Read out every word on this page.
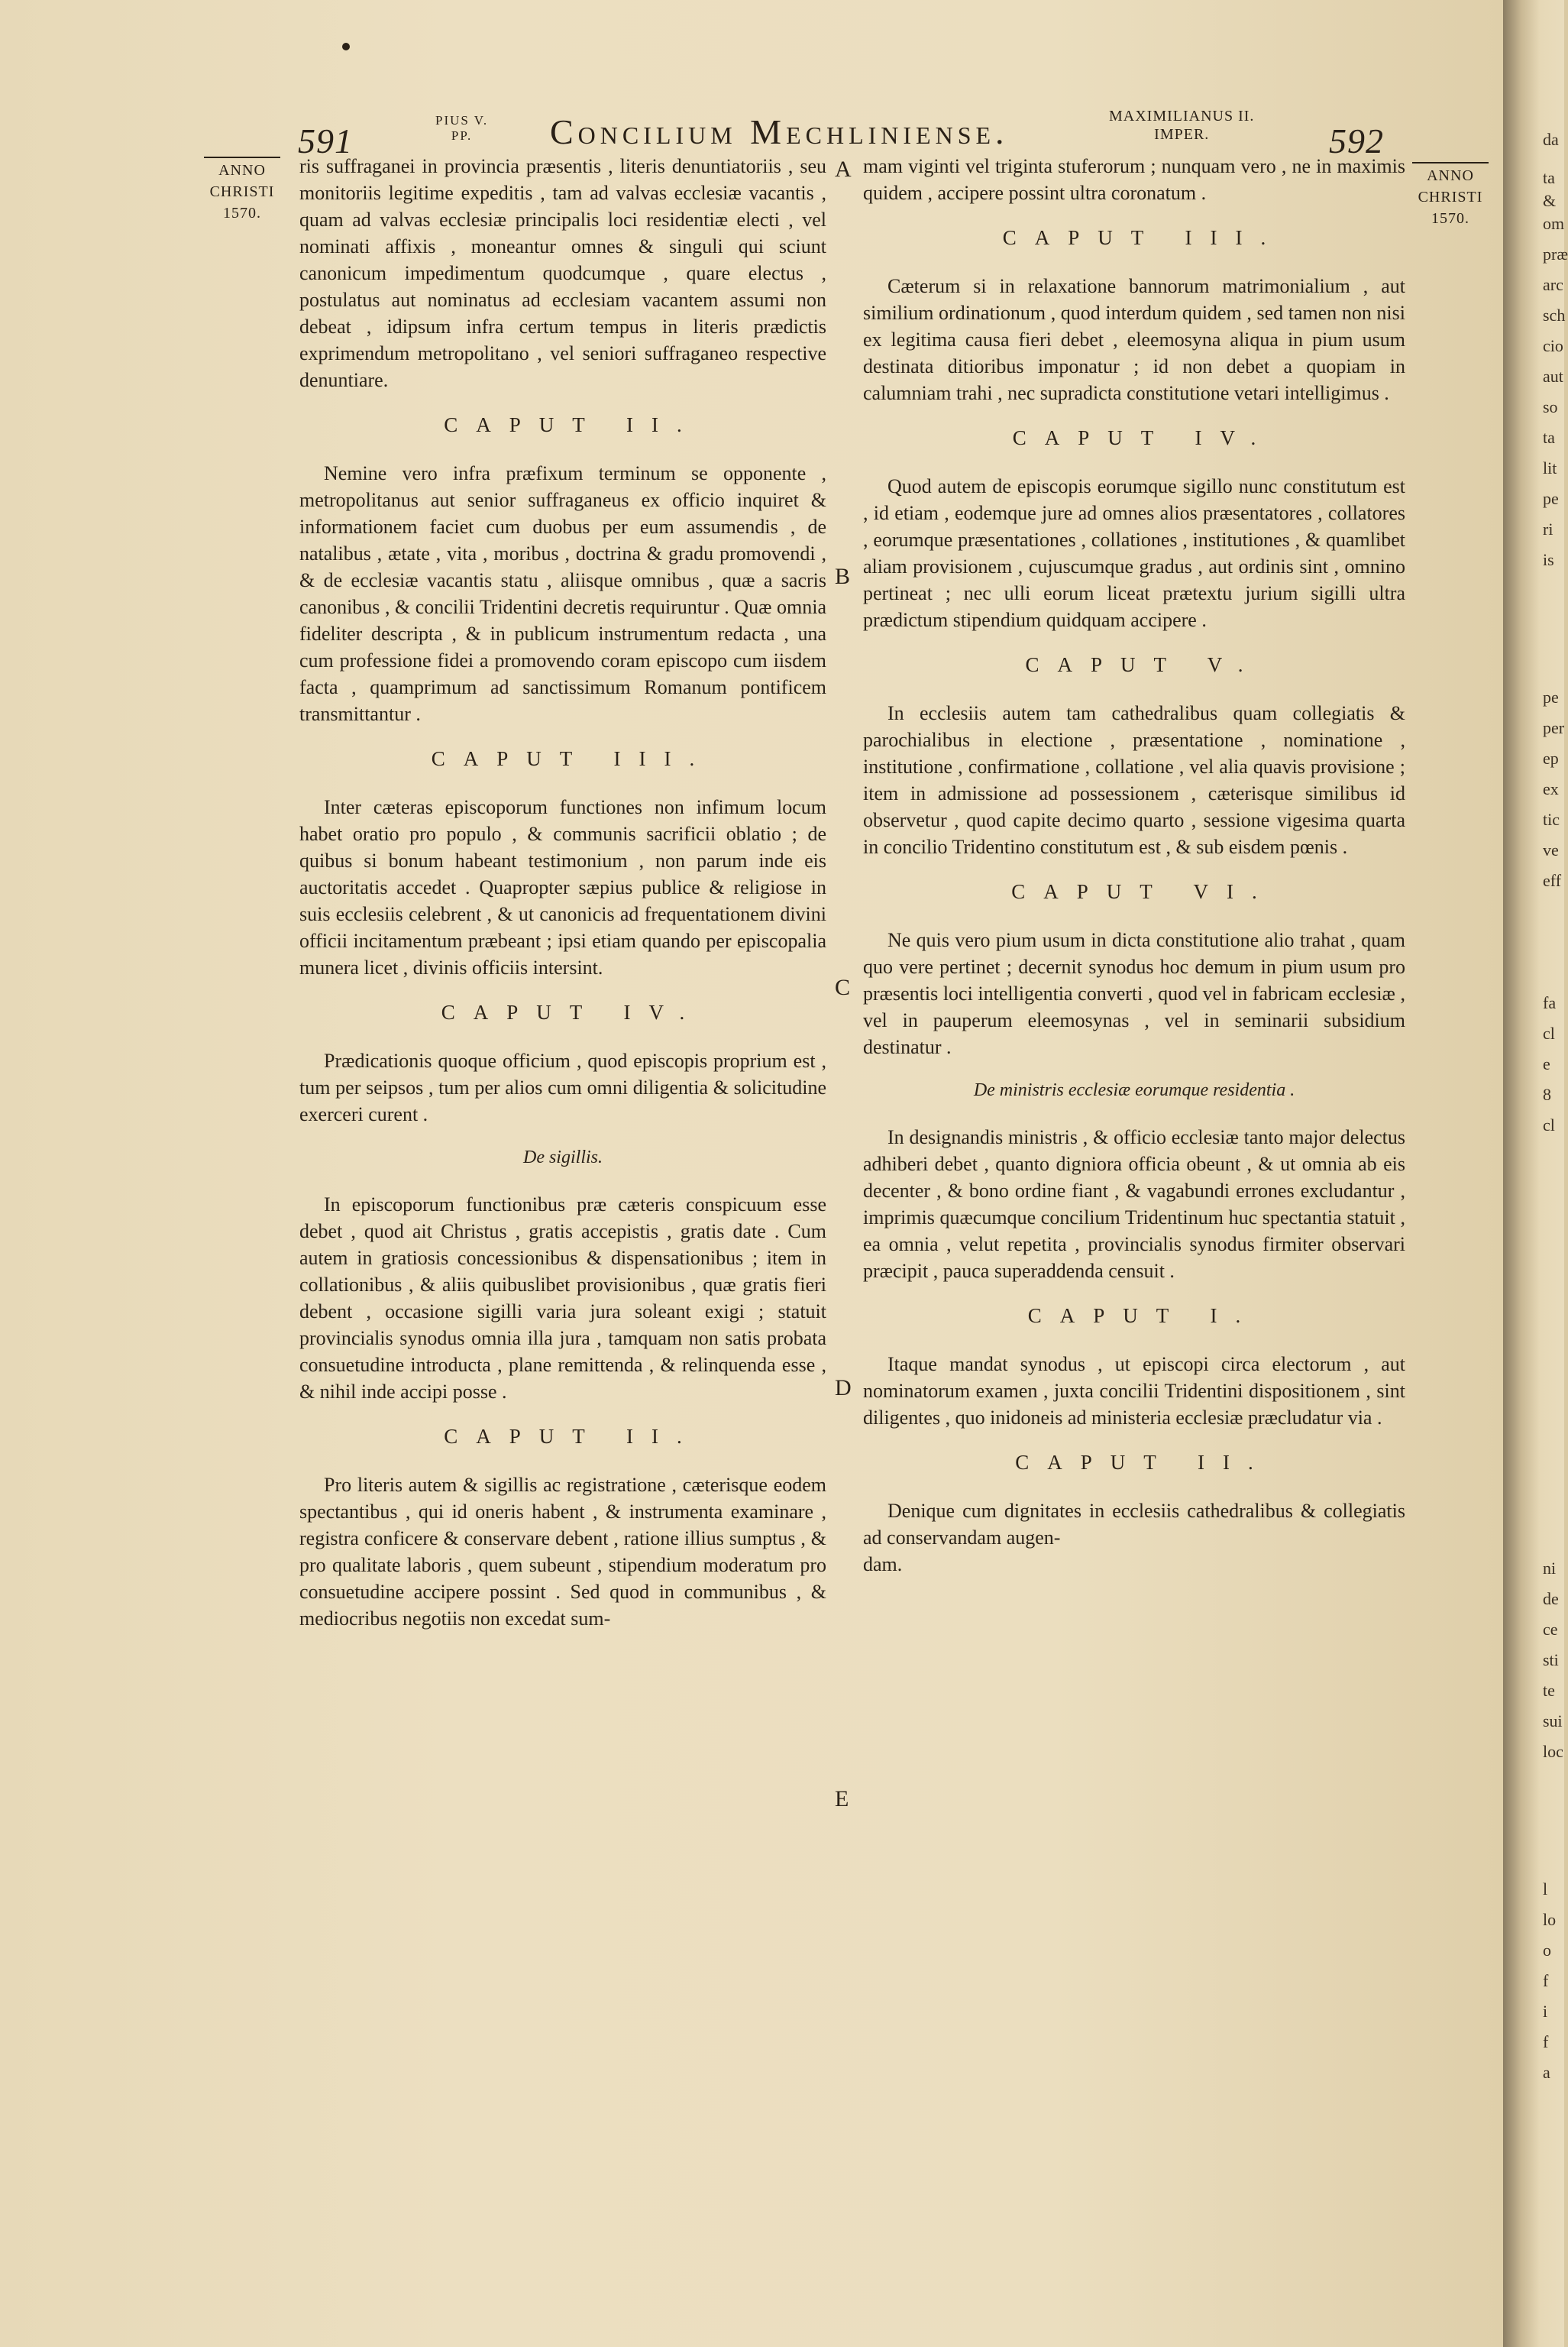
591
PIUS V.
PP.	Concilium Mechliniense.	MAXIMILIANUS II.
IMPER.	592
ANNO
CHRISTI
1570.
ANNO
CHRISTI
1570.
A
B
C
D
E

ris suffraganei in provincia præsentis , literis denuntiatoriis , seu monitoriis legitime expeditis , tam ad valvas ecclesiæ vacantis , quam ad valvas ecclesiæ principalis loci residentiæ electi , vel nominati affixis , moneantur omnes & singuli qui sciunt canonicum impedimentum quodcumque , quare electus , postulatus aut nominatus ad ecclesiam vacantem assumi non debeat , idipsum infra certum tempus in literis prædictis exprimendum metropolitano , vel seniori suffraganeo respective denuntiare.

CAPUT II.

Nemine vero infra præfixum terminum se opponente , metropolitanus aut senior suffraganeus ex officio inquiret & informationem faciet cum duobus per eum assumendis , de natalibus , ætate , vita , moribus , doctrina & gradu promovendi , & de ecclesiæ vacantis statu , aliisque omnibus , quæ a sacris canonibus , & concilii Tridentini decretis requiruntur . Quæ omnia fideliter descripta , & in publicum instrumentum redacta , una cum professione fidei a promovendo coram episcopo cum iisdem facta , quamprimum ad sanctissimum Romanum pontificem transmittantur .

CAPUT III.

Inter cæteras episcoporum functiones non infimum locum habet oratio pro populo , & communis sacrificii oblatio ; de quibus si bonum habeant testimonium , non parum inde eis auctoritatis accedet . Quapropter sæpius publice & religiose in suis ecclesiis celebrent , & ut canonicis ad frequentationem divini officii incitamentum præbeant ; ipsi etiam quando per episcopalia munera licet , divinis officiis intersint.

CAPUT IV.

Prædicationis quoque officium , quod episcopis proprium est , tum per seipsos , tum per alios cum omni diligentia & solicitudine exerceri curent .

De sigillis.

In episcoporum functionibus præ cæteris conspicuum esse debet , quod ait Christus , gratis accepistis , gratis date . Cum autem in gratiosis concessionibus & dispensationibus ; item in collationibus , & aliis quibuslibet provisionibus , quæ gratis fieri debent , occasione sigilli varia jura soleant exigi ; statuit provincialis synodus omnia illa jura , tamquam non satis probata consuetudine introducta , plane remittenda , & relinquenda esse , & nihil inde accipi posse .

CAPUT II.

Pro literis autem & sigillis ac registratione , cæterisque eodem spectantibus , qui id oneris habent , & instrumenta examinare , registra conficere & conservare debent , ratione illius sumptus , & pro qualitate laboris , quem subeunt , stipendium moderatum pro consuetudine accipere possint . Sed quod in communibus , & mediocribus negotiis non excedat sum-

mam viginti vel triginta stuferorum ; nunquam vero , ne in maximis quidem , accipere possint ultra coronatum .

CAPUT III.

Cæterum si in relaxatione bannorum matrimonialium , aut similium ordinationum , quod interdum quidem , sed tamen non nisi ex legitima causa fieri debet , eleemosyna aliqua in pium usum destinata ditioribus imponatur ; id non debet a quopiam in calumniam trahi , nec supradicta constitutione vetari intelligimus .

CAPUT IV.

Quod autem de episcopis eorumque sigillo nunc constitutum est , id etiam , eodemque jure ad omnes alios præsentatores , collatores , eorumque præsentationes , collationes , institutiones , & quamlibet aliam provisionem , cujuscumque gradus , aut ordinis sint , omnino pertineat ; nec ulli eorum liceat prætextu jurium sigilli ultra prædictum stipendium quidquam accipere .

CAPUT V.

In ecclesiis autem tam cathedralibus quam collegiatis & parochialibus in electione , præsentatione , nominatione , institutione , confirmatione , collatione , vel alia quavis provisione ; item in admissione ad possessionem , cæterisque similibus id observetur , quod capite decimo quarto , sessione vigesima quarta in concilio Tridentino constitutum est , & sub eisdem pœnis .

CAPUT VI.

Ne quis vero pium usum in dicta constitutione alio trahat , quam quo vere pertinet ; decernit synodus hoc demum in pium usum pro præsentis loci intelligentia converti , quod vel in fabricam ecclesiæ , vel in pauperum eleemosynas , vel in seminarii subsidium destinatur .

De ministris ecclesiæ eorumque residentia .

In designandis ministris , & officio ecclesiæ tanto major delectus adhiberi debet , quanto digniora officia obeunt , & ut omnia ab eis decenter , & bono ordine fiant , & vagabundi errones excludantur , imprimis quæcumque concilium Tridentinum huc spectantia statuit , ea omnia , velut repetita , provincialis synodus firmiter observari præcipit , pauca superaddenda censuit .

CAPUT I.

Itaque mandat synodus , ut episcopi circa electorum , aut nominatorum examen , juxta concilii Tridentini dispositionem , sint diligentes , quo inidoneis ad ministeria ecclesiæ præcludatur via .

CAPUT II.

Denique cum dignitates in ecclesiis cathedralibus & collegiatis ad conservandam augen-

dam.

da
ta
&
om
præ
arc
sch
cio
aut
so
ta
lit
pe
ri
is
pe
per
ep
ex
tic
ve
eff
fa
cl
e
8
cl
ni
de
ce
sti
te
sui
loc
l
lo
o
f
i
f
a
